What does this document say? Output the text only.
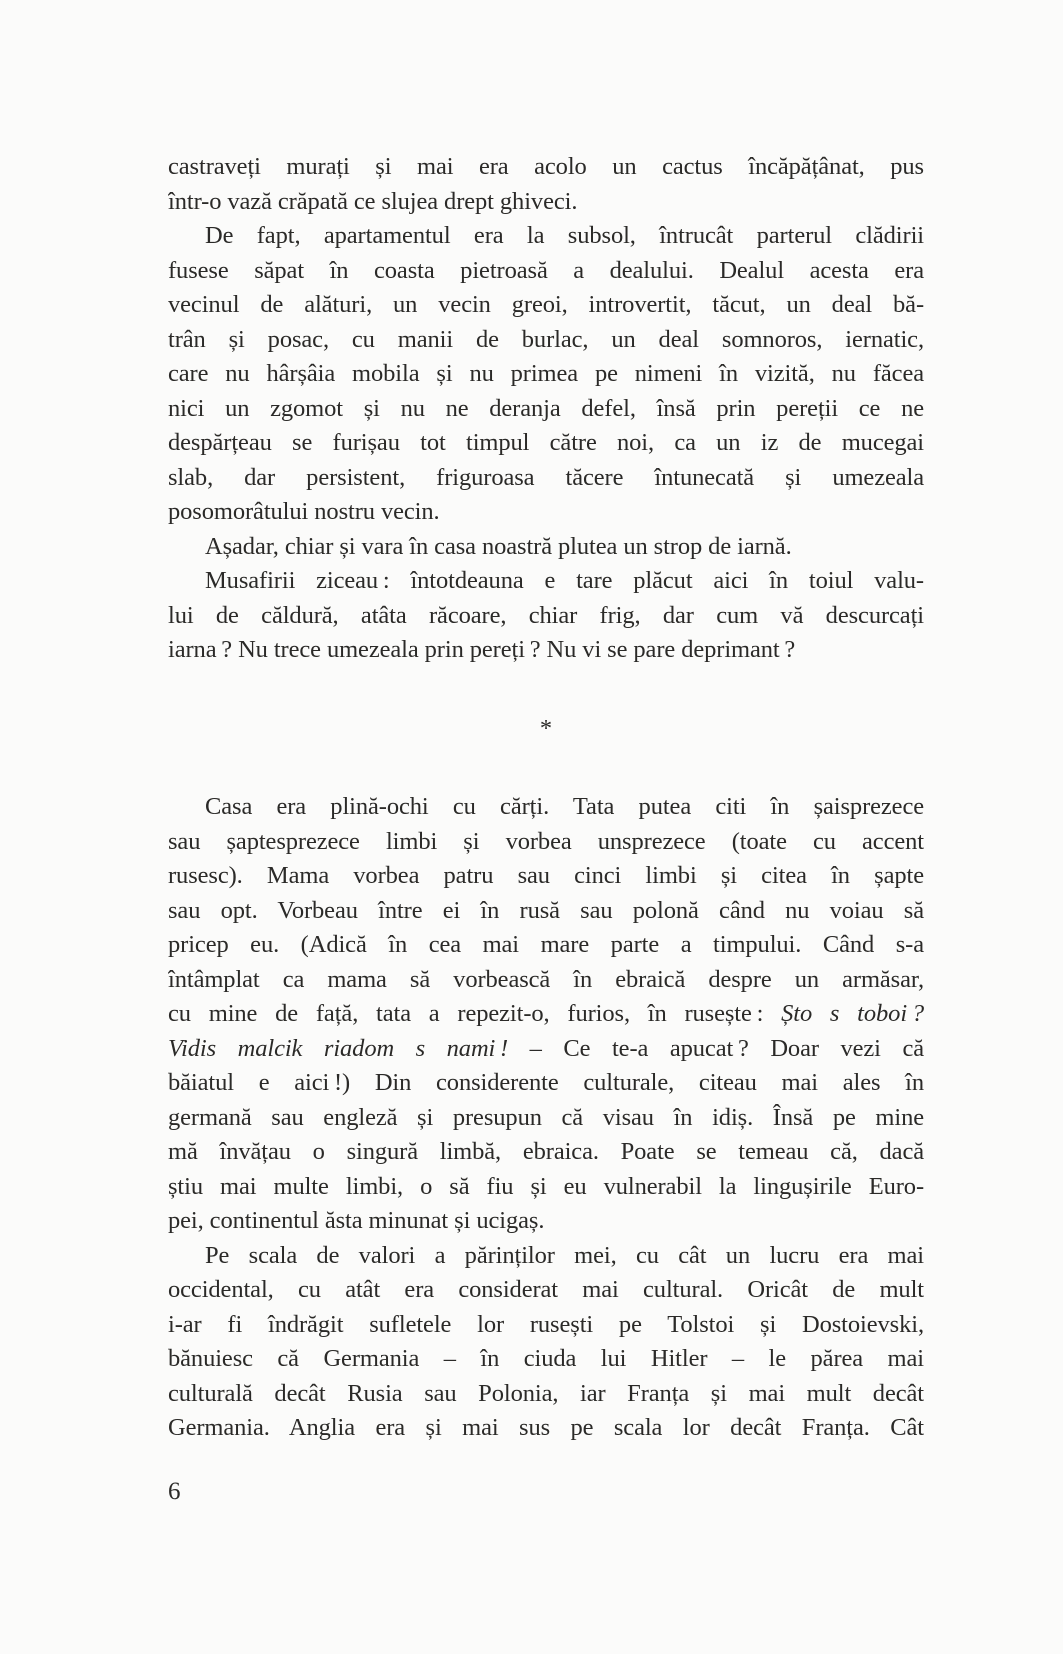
castraveți murați și mai era acolo un cactus încăpățânat, pus
într-o vază crăpată ce slujea drept ghiveci.
De fapt, apartamentul era la subsol, întrucât parterul clădirii
fusese săpat în coasta pietroasă a dealului. Dealul acesta era
vecinul de alături, un vecin greoi, introvertit, tăcut, un deal bă-
trân și posac, cu manii de burlac, un deal somnoros, iernatic,
care nu hârșâia mobila și nu primea pe nimeni în vizită, nu făcea
nici un zgomot și nu ne deranja defel, însă prin pereții ce ne
despărțeau se furișau tot timpul către noi, ca un iz de mucegai
slab, dar persistent, friguroasa tăcere întunecată și umezeala
posomorâtului nostru vecin.
Așadar, chiar și vara în casa noastră plutea un strop de iarnă.
Musafirii ziceau : întotdeauna e tare plăcut aici în toiul valu-
lui de căldură, atâta răcoare, chiar frig, dar cum vă descurcați
iarna ? Nu trece umezeala prin pereți ? Nu vi se pare deprimant ?
*
Casa era plină-ochi cu cărți. Tata putea citi în șaisprezece
sau șaptesprezece limbi și vorbea unsprezece (toate cu accent
rusesc). Mama vorbea patru sau cinci limbi și citea în șapte
sau opt. Vorbeau între ei în rusă sau polonă când nu voiau să
pricep eu. (Adică în cea mai mare parte a timpului. Când s-a
întâmplat ca mama să vorbească în ebraică despre un armăsar,
cu mine de față, tata a repezit-o, furios, în rusește : Șto s toboi ?
Vidis malcik riadom s nami ! – Ce te-a apucat ? Doar vezi că
băiatul e aici !) Din considerente culturale, citeau mai ales în
germană sau engleză și presupun că visau în idiș. Însă pe mine
mă învățau o singură limbă, ebraica. Poate se temeau că, dacă
știu mai multe limbi, o să fiu și eu vulnerabil la lingușirile Euro-
pei, continentul ăsta minunat și ucigaș.
Pe scala de valori a părinților mei, cu cât un lucru era mai
occidental, cu atât era considerat mai cultural. Oricât de mult
i-ar fi îndrăgit sufletele lor rusești pe Tolstoi și Dostoievski,
bănuiesc că Germania – în ciuda lui Hitler – le părea mai
culturală decât Rusia sau Polonia, iar Franța și mai mult decât
Germania. Anglia era și mai sus pe scala lor decât Franța. Cât
6
